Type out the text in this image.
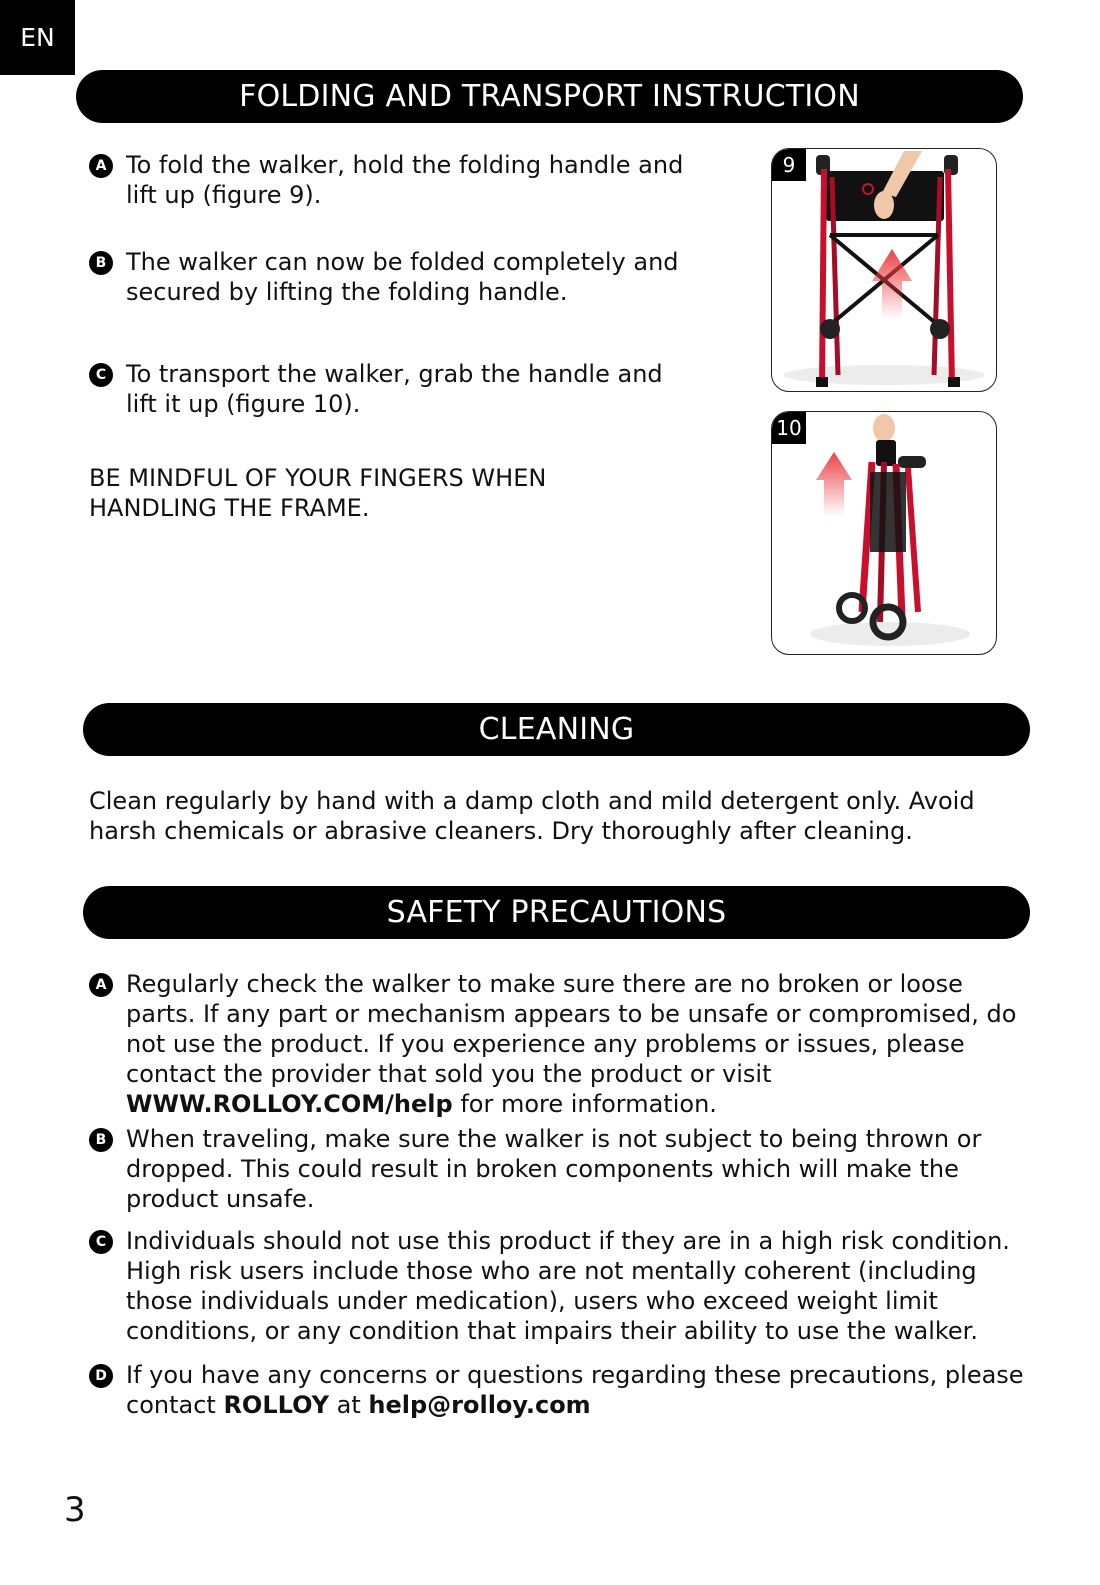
EN
FOLDING AND TRANSPORT INSTRUCTION
A To fold the walker, hold the folding handle and lift up (figure 9).
B The walker can now be folded completely and secured by lifting the folding handle.
C To transport the walker, grab the handle and lift it up (figure 10).
BE MINDFUL OF YOUR FINGERS WHEN HANDLING THE FRAME.
9
10
CLEANING
Clean regularly by hand with a damp cloth and mild detergent only. Avoid harsh chemicals or abrasive cleaners. Dry thoroughly after cleaning.
SAFETY PRECAUTIONS
A Regularly check the walker to make sure there are no broken or loose parts. If any part or mechanism appears to be unsafe or compromised, do not use the product. If you experience any problems or issues, please contact the provider that sold you the product or visit WWW.ROLLOY.COM/help for more information.
B When traveling, make sure the walker is not subject to being thrown or dropped. This could result in broken components which will make the product unsafe.
C Individuals should not use this product if they are in a high risk condition. High risk users include those who are not mentally coherent (including those individuals under medication), users who exceed weight limit conditions, or any condition that impairs their ability to use the walker.
D If you have any concerns or questions regarding these precautions, please contact ROLLOY at help@rolloy.com
3
